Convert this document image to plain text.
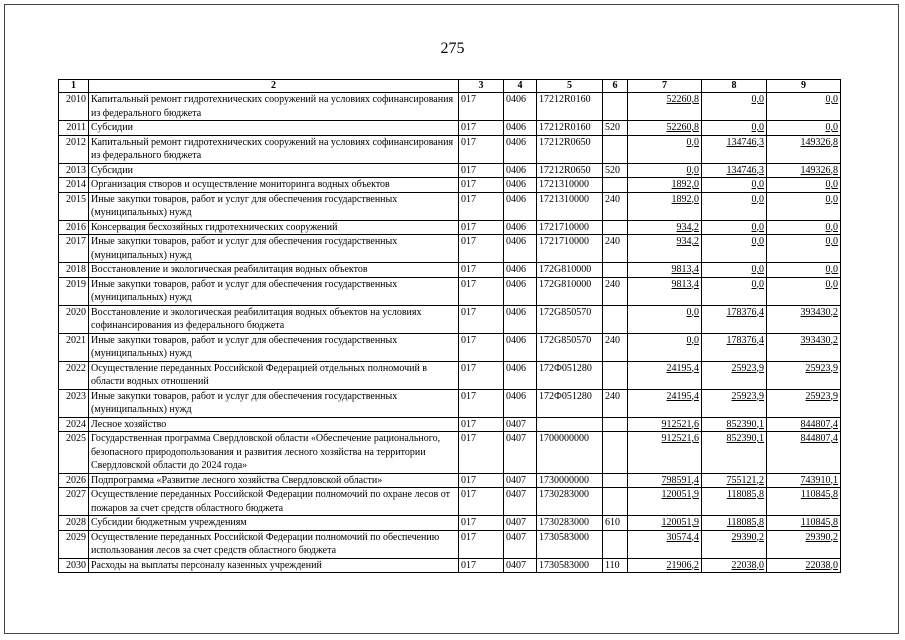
275
1	2	3	4	5	6	7	8	9
2010	Капитальный ремонт гидротехнических сооружений на условиях софинансирования из федерального бюджета	017	0406	17212R0160		52260,8	0,0	0,0
2011	Субсидии	017	0406	17212R0160	520	52260,8	0,0	0,0
2012	Капитальный ремонт гидротехнических сооружений на условиях софинансирования из федерального бюджета	017	0406	17212R0650		0,0	134746,3	149326,8
2013	Субсидии	017	0406	17212R0650	520	0,0	134746,3	149326,8
2014	Организация створов и осуществление мониторинга водных объектов	017	0406	1721310000		1892,0	0,0	0,0
2015	Иные закупки товаров, работ и услуг для обеспечения государственных (муниципальных) нужд	017	0406	1721310000	240	1892,0	0,0	0,0
2016	Консервация бесхозяйных гидротехнических сооружений	017	0406	1721710000		934,2	0,0	0,0
2017	Иные закупки товаров, работ и услуг для обеспечения государственных (муниципальных) нужд	017	0406	1721710000	240	934,2	0,0	0,0
2018	Восстановление и экологическая реабилитация водных объектов	017	0406	172G810000		9813,4	0,0	0,0
2019	Иные закупки товаров, работ и услуг для обеспечения государственных (муниципальных) нужд	017	0406	172G810000	240	9813,4	0,0	0,0
2020	Восстановление и экологическая реабилитация водных объектов на условиях софинансирования из федерального бюджета	017	0406	172G850570		0,0	178376,4	393430,2
2021	Иные закупки товаров, работ и услуг для обеспечения государственных (муниципальных) нужд	017	0406	172G850570	240	0,0	178376,4	393430,2
2022	Осуществление переданных Российской Федерацией отдельных полномочий в области водных отношений	017	0406	172Ф051280		24195,4	25923,9	25923,9
2023	Иные закупки товаров, работ и услуг для обеспечения государственных (муниципальных) нужд	017	0406	172Ф051280	240	24195,4	25923,9	25923,9
2024	Лесное хозяйство	017	0407			912521,6	852390,1	844807,4
2025	Государственная программа Свердловской области «Обеспечение рационального, безопасного природопользования и развития лесного хозяйства на территории Свердловской области до 2024 года»	017	0407	1700000000		912521,6	852390,1	844807,4
2026	Подпрограмма «Развитие лесного хозяйства Свердловской области»	017	0407	1730000000		798591,4	755121,2	743910,1
2027	Осуществление переданных Российской Федерации полномочий по охране лесов от пожаров за счет средств областного бюджета	017	0407	1730283000		120051,9	118085,8	110845,8
2028	Субсидии бюджетным учреждениям	017	0407	1730283000	610	120051,9	118085,8	110845,8
2029	Осуществление переданных Российской Федерации полномочий по обеспечению использования лесов за счет средств областного бюджета	017	0407	1730583000		30574,4	29390,2	29390,2
2030	Расходы на выплаты персоналу казенных учреждений	017	0407	1730583000	110	21906,2	22038,0	22038,0
